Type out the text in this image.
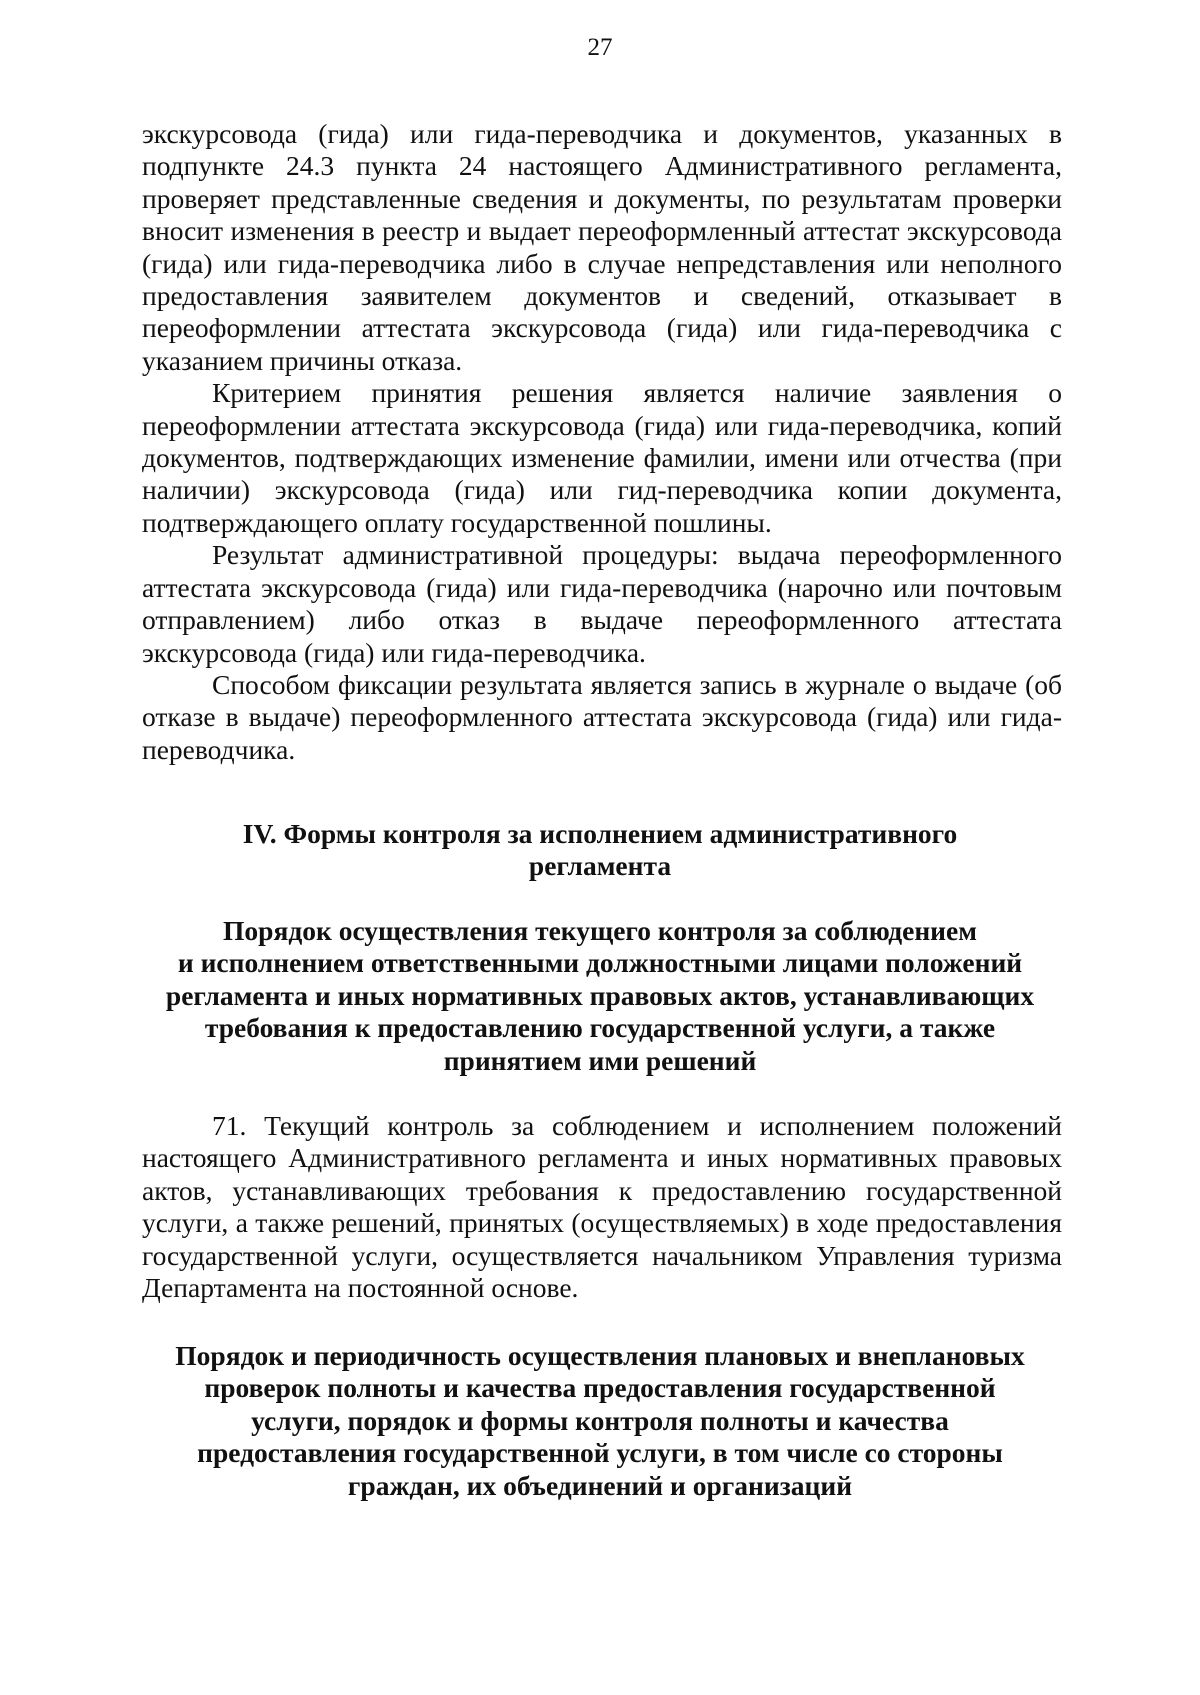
27

экскурсовода (гида) или гида-переводчика и документов, указанных в подпункте 24.3 пункта 24 настоящего Административного регламента, проверяет представленные сведения и документы, по результатам проверки вносит изменения в реестр и выдает переоформленный аттестат экскурсовода (гида) или гида-переводчика либо в случае непредставления или неполного предоставления заявителем документов и сведений, отказывает в переоформлении аттестата экскурсовода (гида) или гида-переводчика с указанием причины отказа.

Критерием принятия решения является наличие заявления о переоформлении аттестата экскурсовода (гида) или гида-переводчика, копий документов, подтверждающих изменение фамилии, имени или отчества (при наличии) экскурсовода (гида) или гид-переводчика копии документа, подтверждающего оплату государственной пошлины.

Результат административной процедуры: выдача переоформленного аттестата экскурсовода (гида) или гида-переводчика (нарочно или почтовым отправлением) либо отказ в выдаче переоформленного аттестата экскурсовода (гида) или гида-переводчика.

Способом фиксации результата является запись в журнале о выдаче (об отказе в выдаче) переоформленного аттестата экскурсовода (гида) или гида-переводчика.

IV. Формы контроля за исполнением административного
регламента
Порядок осуществления текущего контроля за соблюдением
и исполнением ответственными должностными лицами положений
регламента и иных нормативных правовых актов, устанавливающих
требования к предоставлению государственной услуги, а также
принятием ими решений

71. Текущий контроль за соблюдением и исполнением положений настоящего Административного регламента и иных нормативных правовых актов, устанавливающих требования к предоставлению государственной услуги, а также решений, принятых (осуществляемых) в ходе предоставления государственной услуги, осуществляется начальником Управления туризма Департамента на постоянной основе.

Порядок и периодичность осуществления плановых и внеплановых
проверок полноты и качества предоставления государственной
услуги, порядок и формы контроля полноты и качества
предоставления государственной услуги, в том числе со стороны
граждан, их объединений и организаций
